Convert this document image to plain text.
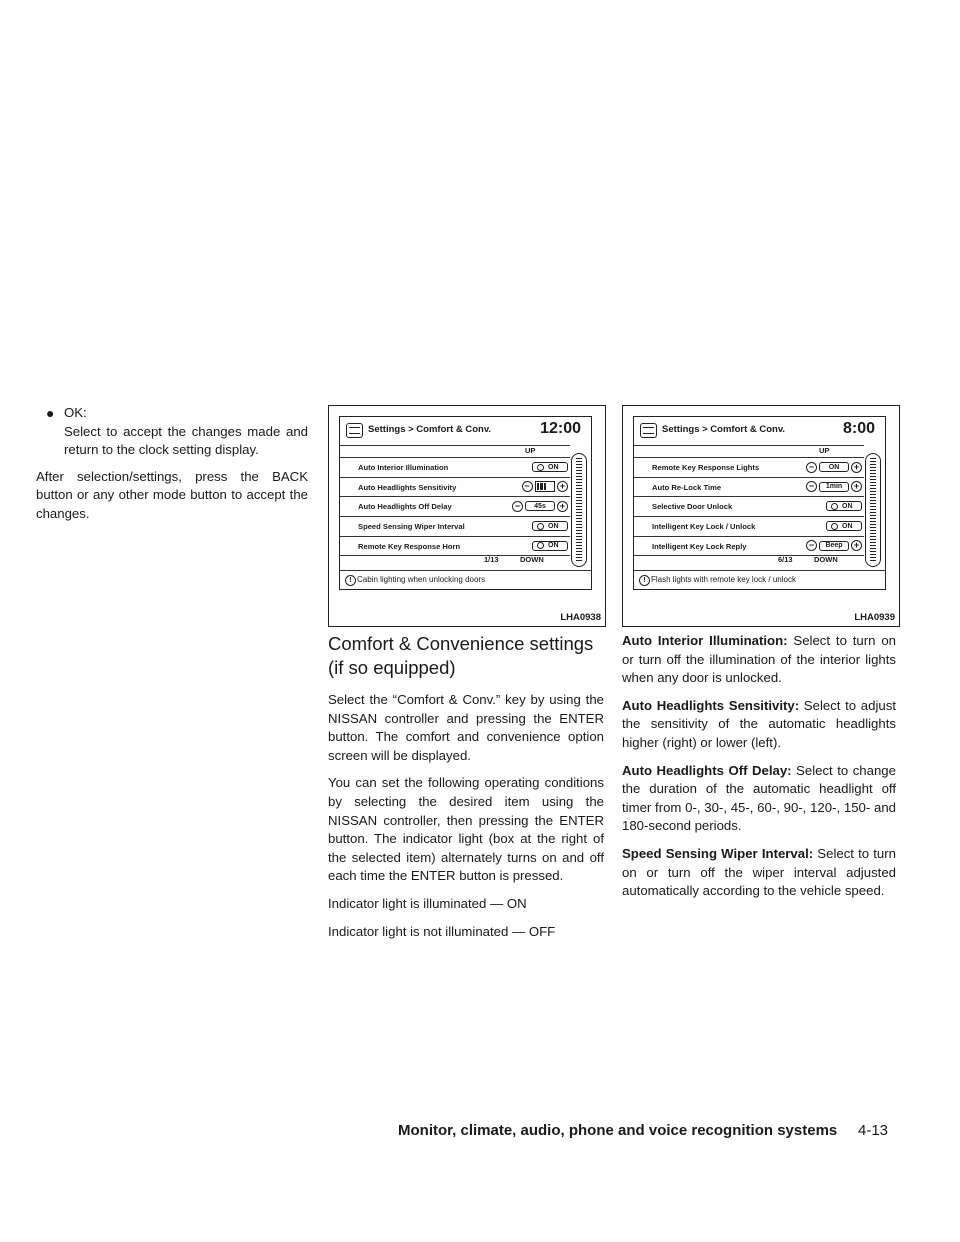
● OK:
Select to accept the changes made and return to the clock setting display.

After selection/settings, press the BACK button or any other mode button to accept the changes.

Settings > Comfort & Conv.	12:00
UP
Auto Interior Illumination	ON
Auto Headlights Sensitivity	−	+
Auto Headlights Off Delay	−	45s	+
Speed Sensing Wiper Interval	ON
Remote Key Response Horn	ON
1/13	DOWN
! Cabin lighting when unlocking doors
LHA0938
Settings > Comfort & Conv.	8:00
UP
Remote Key Response Lights	−	ON	+
Auto Re-Lock Time	−	1min	+
Selective Door Unlock	ON
Intelligent Key Lock / Unlock	ON
Intelligent Key Lock Reply	−	Beep	+
6/13	DOWN
! Flash lights with remote key lock / unlock
LHA0939
Comfort & Convenience settings (if so equipped)

Select the “Comfort & Conv.” key by using the NISSAN controller and pressing the ENTER button. The comfort and convenience option screen will be displayed.

You can set the following operating conditions by selecting the desired item using the NISSAN controller, then pressing the ENTER button. The indicator light (box at the right of the selected item) alternately turns on and off each time the ENTER button is pressed.

Indicator light is illuminated — ON

Indicator light is not illuminated — OFF

Auto Interior Illumination: Select to turn on or turn off the illumination of the interior lights when any door is unlocked.

Auto Headlights Sensitivity: Select to adjust the sensitivity of the automatic headlights higher (right) or lower (left).

Auto Headlights Off Delay: Select to change the duration of the automatic headlight off timer from 0-, 30-, 45-, 60-, 90-, 120-, 150- and 180-second periods.

Speed Sensing Wiper Interval: Select to turn on or turn off the wiper interval adjusted automatically according to the vehicle speed.

Monitor, climate, audio, phone and voice recognition systems 4-13
